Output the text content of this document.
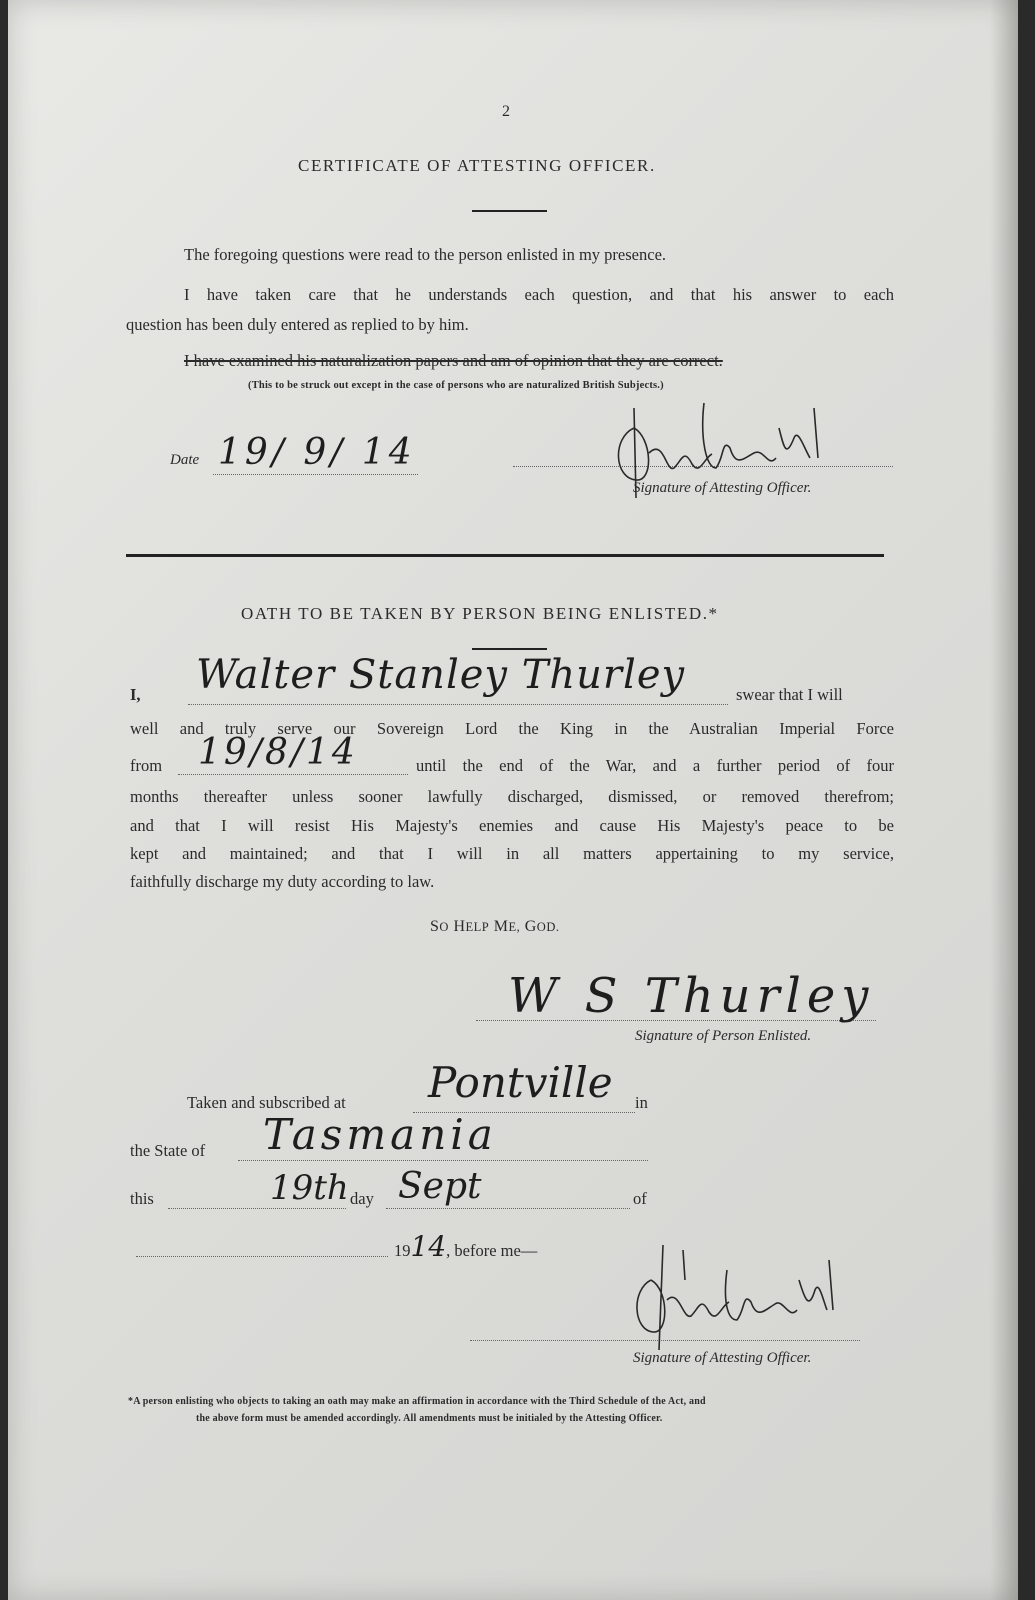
2
CERTIFICATE OF ATTESTING OFFICER.
The foregoing questions were read to the person enlisted in my presence.
I have taken care that he understands each question, and that his answer to each
question has been duly entered as replied to by him.
I have examined his naturalization papers and am of opinion that they are correct.
(This to be struck out except in the case of persons who are naturalized British Subjects.)
Date 19/ 9/ 14
Signature of Attesting Officer.
OATH TO BE TAKEN BY PERSON BEING ENLISTED.*
I, Walter Stanley Thurley	swear that I will
well and truly serve our Sovereign Lord the King in the Australian Imperial Force
from 19/8/14	until the end of the War, and a further period of four
months thereafter unless sooner lawfully discharged, dismissed, or removed therefrom;
and that I will resist His Majesty's enemies and cause His Majesty's peace to be
kept and maintained; and that I will in all matters appertaining to my service,
faithfully discharge my duty according to law.
SO HELP ME, GOD.
W S Thurley
Signature of Person Enlisted.
Taken and subscribed at Pontville in
the State of Tasmania
this	19th day Sept	of
1914, before me—
Signature of Attesting Officer.
*A person enlisting who objects to taking an oath may make an affirmation in accordance with the Third Schedule of the Act, and
the above form must be amended accordingly. All amendments must be initialed by the Attesting Officer.
